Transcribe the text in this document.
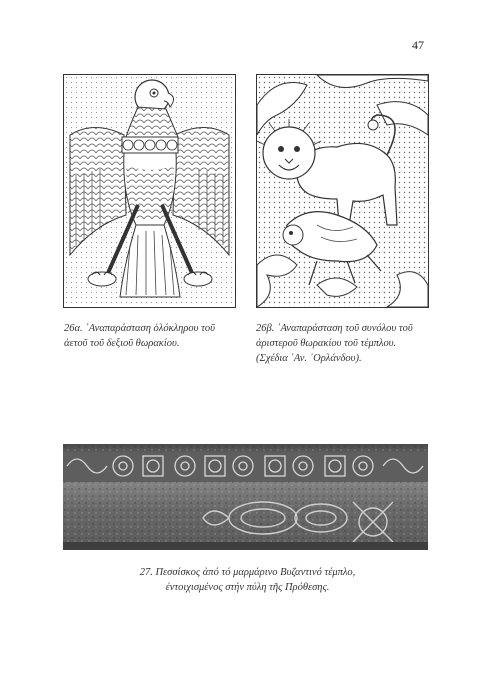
47
26α. ᾿Αναπαράσταση ὁλόκληρου τοῦ
ἀετοῦ τοῦ δεξιοῦ θωρακίου.
26β. ᾿Αναπαράσταση τοῦ συνόλου τοῦ
ἀριστεροῦ θωρακίου τοῦ τέμπλου.
(Σχέδια ᾿Αν. ᾿Ορλάνδου).
27. Πεσσίσκος ἀπό τό μαρμάρινο Βυζαντινό τέμπλο,
ἐντοιχισμένος στήν πύλη τῆς Πρόθεσης.
